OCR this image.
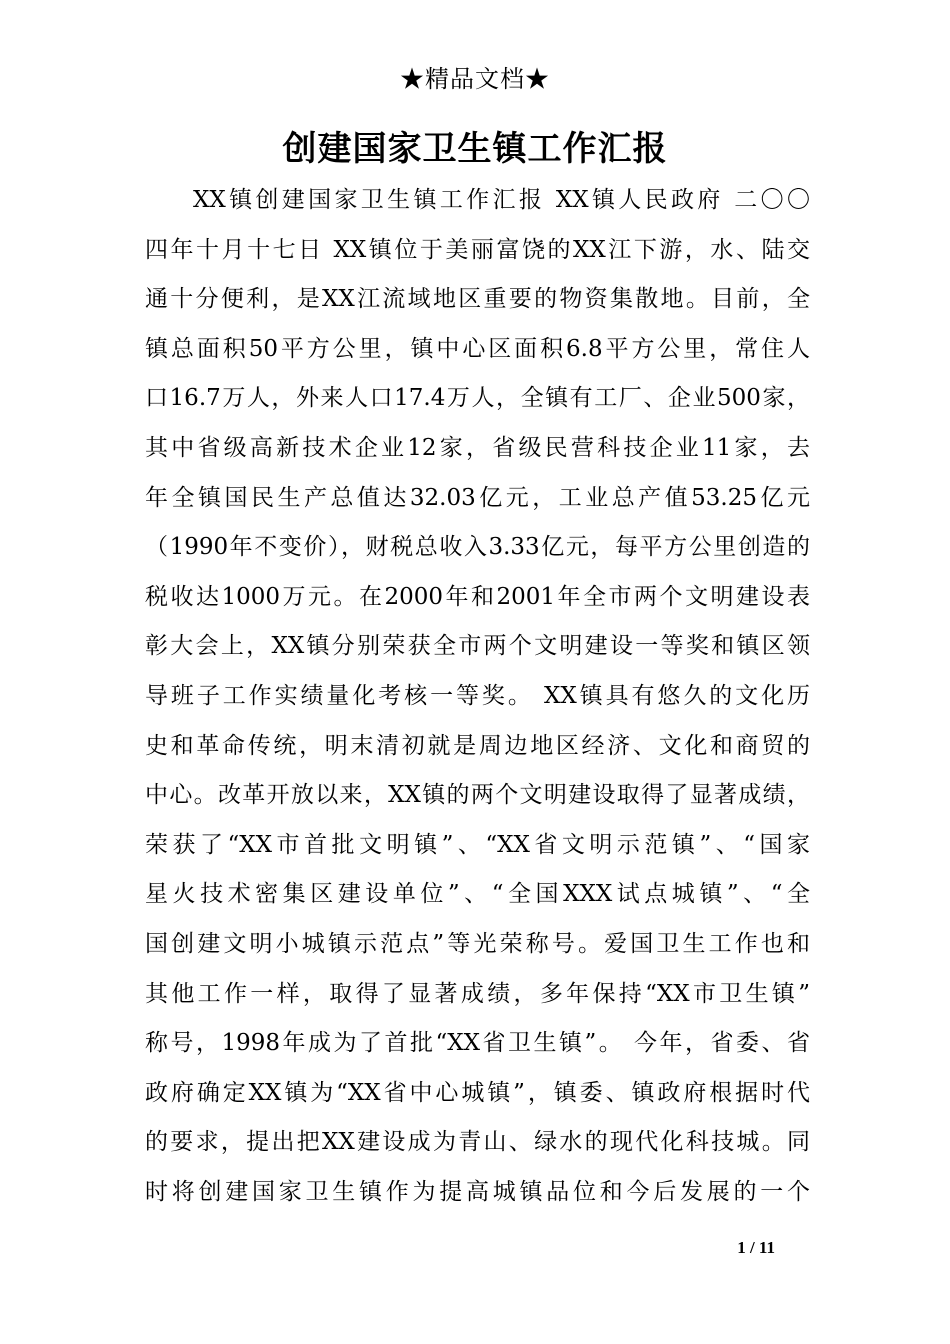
★精品文档★
创建国家卫生镇工作汇报
XX镇创建国家卫生镇工作汇报 XX镇人民政府 二〇〇
四年十月十七日 XX镇位于美丽富饶的XX江下游，水、陆交
通十分便利，是XX江流域地区重要的物资集散地。目前，全
镇总面积50平方公里，镇中心区面积6.8平方公里，常住人
口16.7万人，外来人口17.4万人，全镇有工厂、企业500家，
其中省级高新技术企业12家，省级民营科技企业11家，去
年全镇国民生产总值达32.03亿元，工业总产值53.25亿元
（1990年不变价），财税总收入3.33亿元，每平方公里创造的
税收达1000万元。在2000年和2001年全市两个文明建设表
彰大会上，XX镇分别荣获全市两个文明建设一等奖和镇区领
导班子工作实绩量化考核一等奖。 XX镇具有悠久的文化历
史和革命传统，明末清初就是周边地区经济、文化和商贸的
中心。改革开放以来，XX镇的两个文明建设取得了显著成绩，
荣获了“XX市首批文明镇”、“XX省文明示范镇”、“国家
星火技术密集区建设单位”、“全国XXX试点城镇”、“全
国创建文明小城镇示范点”等光荣称号。爱国卫生工作也和
其他工作一样，取得了显著成绩，多年保持“XX市卫生镇”
称号，1998年成为了首批“XX省卫生镇”。 今年，省委、省
政府确定XX镇为“XX省中心城镇”，镇委、镇政府根据时代
的要求，提出把XX建设成为青山、绿水的现代化科技城。同
时将创建国家卫生镇作为提高城镇品位和今后发展的一个
1 / 11
